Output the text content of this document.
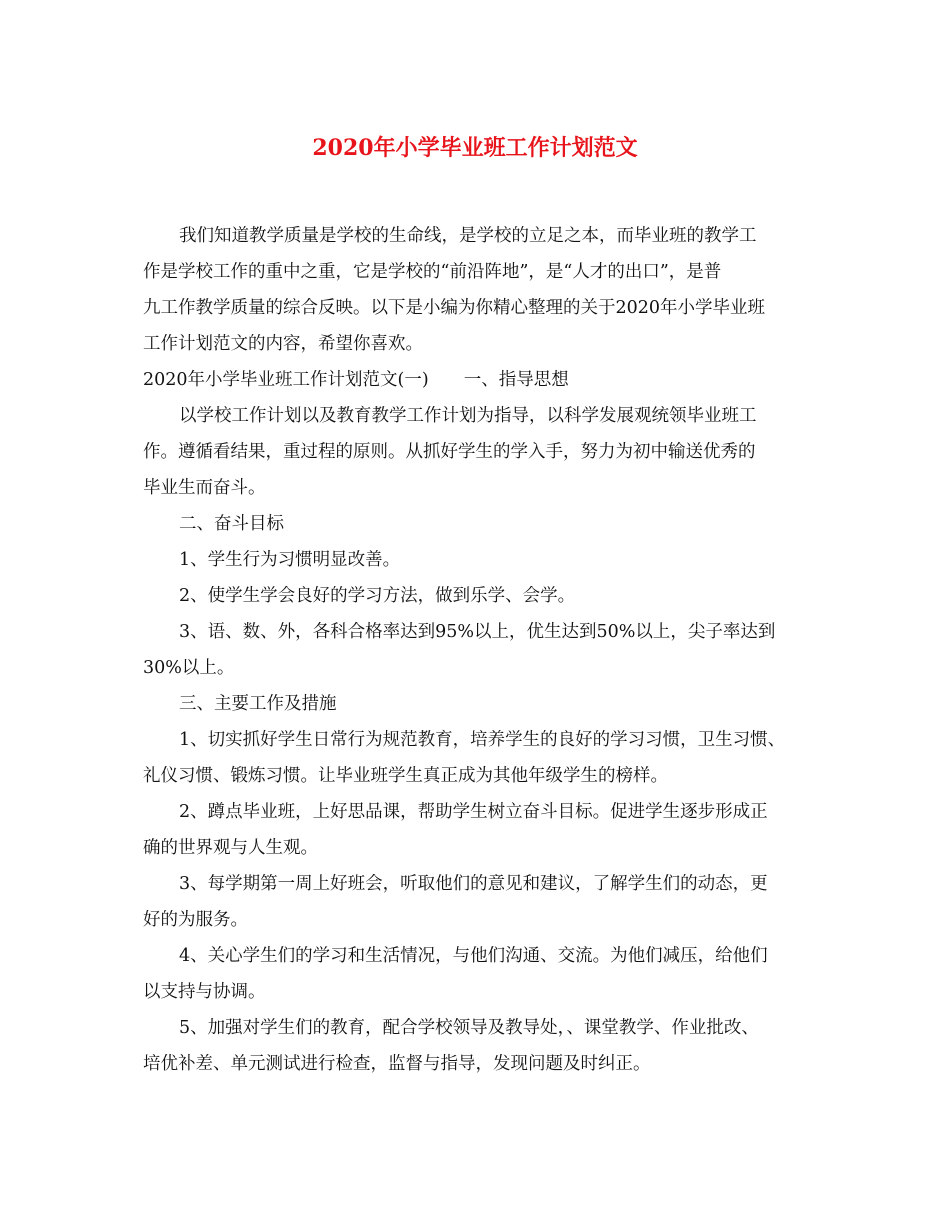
2020年小学毕业班工作计划范文
我们知道教学质量是学校的生命线，是学校的立足之本，而毕业班的教学工
作是学校工作的重中之重，它是学校的“前沿阵地”，是“人才的出口”，是普
九工作教学质量的综合反映。以下是小编为你精心整理的关于2020年小学毕业班
工作计划范文的内容，希望你喜欢。
2020年小学毕业班工作计划范文(一)　　一、指导思想
以学校工作计划以及教育教学工作计划为指导，以科学发展观统领毕业班工
作。遵循看结果，重过程的原则。从抓好学生的学入手，努力为初中输送优秀的
毕业生而奋斗。
二、奋斗目标
1、学生行为习惯明显改善。
2、使学生学会良好的学习方法，做到乐学、会学。
3、语、数、外，各科合格率达到95%以上，优生达到50%以上，尖子率达到
30%以上。
三、主要工作及措施
1、切实抓好学生日常行为规范教育，培养学生的良好的学习习惯，卫生习惯、
礼仪习惯、锻炼习惯。让毕业班学生真正成为其他年级学生的榜样。
2、蹲点毕业班，上好思品课，帮助学生树立奋斗目标。促进学生逐步形成正
确的世界观与人生观。
3、每学期第一周上好班会，听取他们的意见和建议，了解学生们的动态，更
好的为服务。
4、关心学生们的学习和生活情况，与他们沟通、交流。为他们减压，给他们
以支持与协调。
5、加强对学生们的教育，配合学校领导及教导处，、课堂教学、作业批改、
培优补差、单元测试进行检查，监督与指导，发现问题及时纠正。
